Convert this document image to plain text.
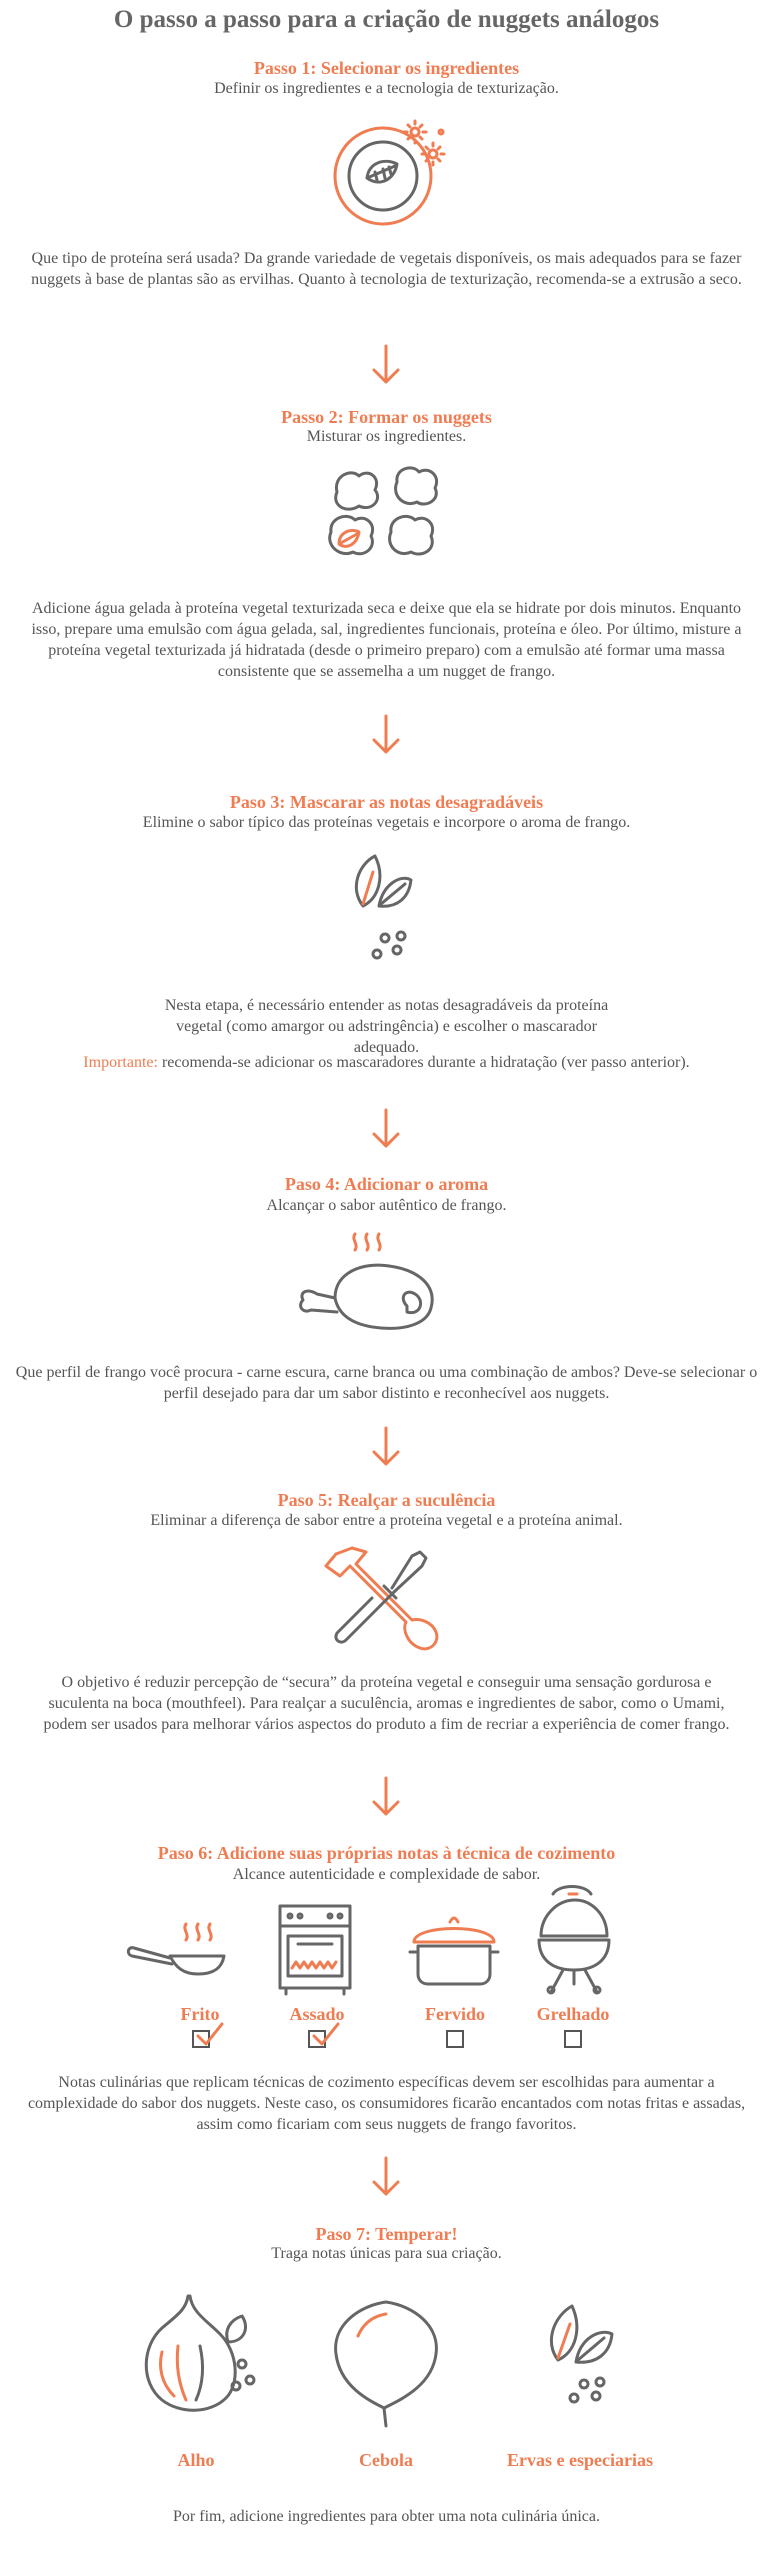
O passo a passo para a criação de nuggets análogos
Passo 1: Selecionar os ingredientes
Definir os ingredientes e a tecnologia de texturização.
Que tipo de proteína será usada? Da grande variedade de vegetais disponíveis, os mais adequados para se fazer nuggets à base de plantas são as ervilhas. Quanto à tecnologia de texturização, recomenda-se a extrusão a seco.
Passo 2: Formar os nuggets
Misturar os ingredientes.
Adicione água gelada à proteína vegetal texturizada seca e deixe que ela se hidrate por dois minutos. Enquanto isso, prepare uma emulsão com água gelada, sal, ingredientes funcionais, proteína e óleo. Por último, misture a proteína vegetal texturizada já hidratada (desde o primeiro preparo) com a emulsão até formar uma massa consistente que se assemelha a um nugget de frango.
Paso 3: Mascarar as notas desagradáveis
Elimine o sabor típico das proteínas vegetais e incorpore o aroma de frango.
Nesta etapa, é necessário entender as notas desagradáveis da proteína vegetal (como amargor ou adstringência) e escolher o mascarador adequado.
Importante: recomenda-se adicionar os mascaradores durante a hidratação (ver passo anterior).
Paso 4: Adicionar o aroma
Alcançar o sabor autêntico de frango.
Que perfil de frango você procura - carne escura, carne branca ou uma combinação de ambos? Deve-se selecionar o perfil desejado para dar um sabor distinto e reconhecível aos nuggets.
Paso 5: Realçar a suculência
Eliminar a diferença de sabor entre a proteína vegetal e a proteína animal.
O objetivo é reduzir percepção de “secura” da proteína vegetal e conseguir uma sensação gordurosa e suculenta na boca (mouthfeel). Para realçar a suculência, aromas e ingredientes de sabor, como o Umami, podem ser usados para melhorar vários aspectos do produto a fim de recriar a experiência de comer frango.
Paso 6: Adicione suas próprias notas à técnica de cozimento
Alcance autenticidade e complexidade de sabor.
Frito	Assado	Fervido	Grelhado
Notas culinárias que replicam técnicas de cozimento específicas devem ser escolhidas para aumentar a complexidade do sabor dos nuggets. Neste caso, os consumidores ficarão encantados com notas fritas e assadas, assim como ficariam com seus nuggets de frango favoritos.
Paso 7: Temperar!
Traga notas únicas para sua criação.
Alho	Cebola	Ervas e especiarias
Por fim, adicione ingredientes para obter uma nota culinária única.
